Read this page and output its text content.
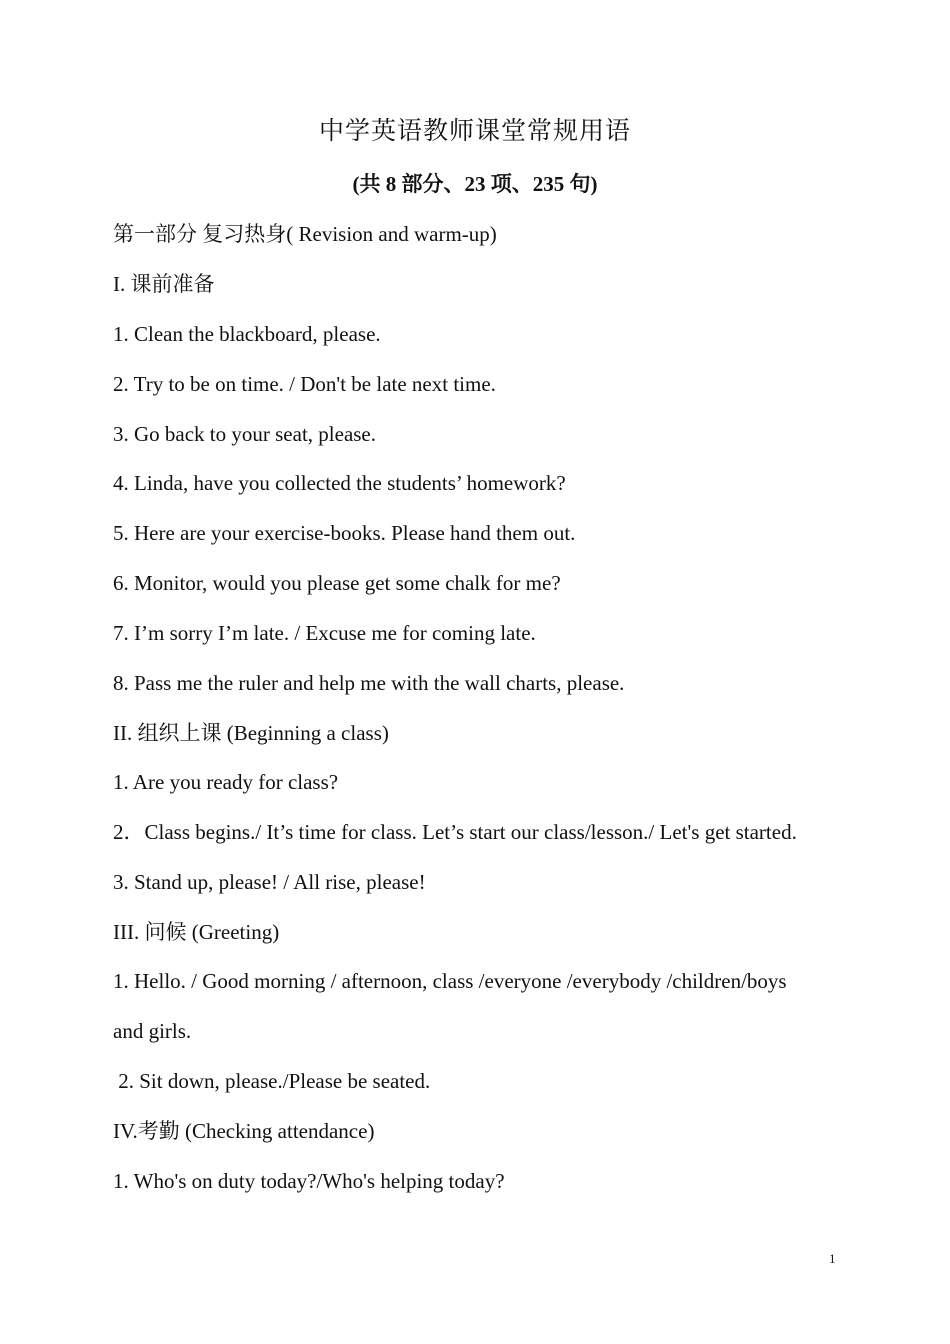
中学英语教师课堂常规用语
(共 8 部分、23 项、235 句)
第一部分 复习热身( Revision and warm-up)
I. 课前准备
1. Clean the blackboard, please.
2. Try to be on time. / Don't be late next time.
3. Go back to your seat, please.
4. Linda, have you collected the students’ homework?
5. Here are your exercise-books. Please hand them out.
6. Monitor, would you please get some chalk for me?
7. I’m sorry I’m late. / Excuse me for coming late.
8. Pass me the ruler and help me with the wall charts, please.
II. 组织上课 (Beginning a class)
1. Are you ready for class?
2．Class begins./ It’s time for class. Let’s start our class/lesson./ Let's get started.
3. Stand up, please! / All rise, please!
III. 问候 (Greeting)
1. Hello. / Good morning / afternoon, class /everyone /everybody /children/boys
and girls.
2. Sit down, please./Please be seated.
IV.考勤 (Checking attendance)
1. Who's on duty today?/Who's helping today?
1
